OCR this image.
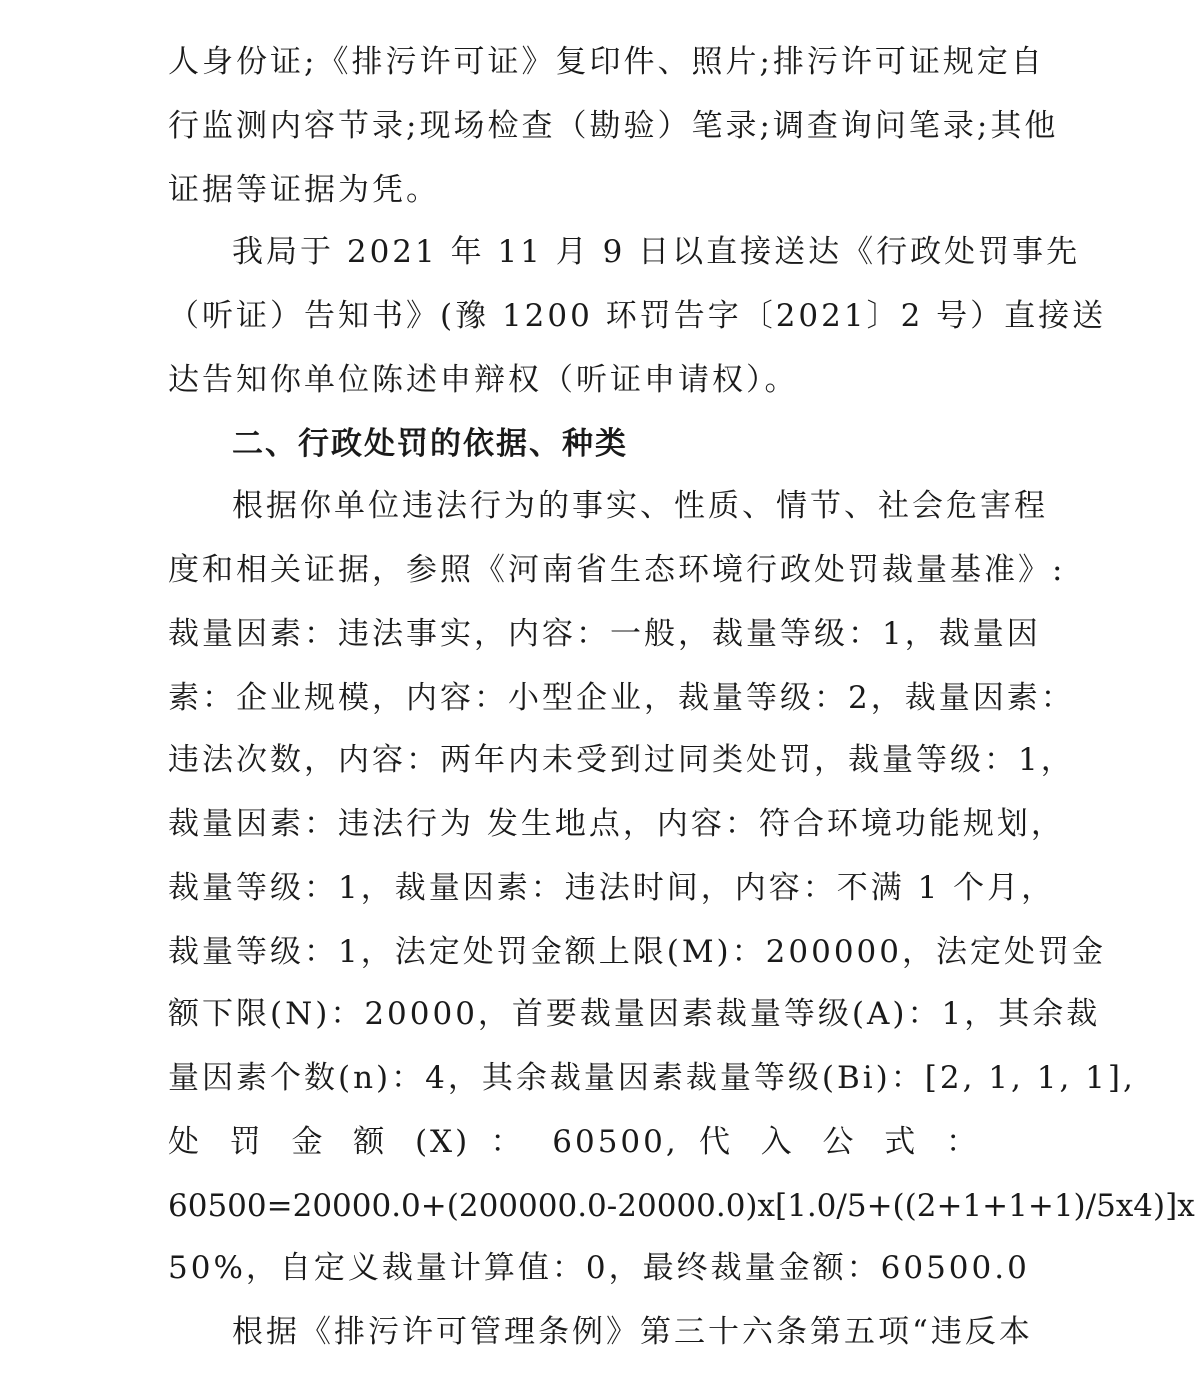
人身份证;《排污许可证》复印件、照片;排污许可证规定自
行监测内容节录;现场检查（勘验）笔录;调查询问笔录;其他
证据等证据为凭。
我局于 2021 年 11 月 9 日以直接送达《行政处罚事先
（听证）告知书》(豫 1200 环罚告字〔2021〕2 号）直接送
达告知你单位陈述申辩权（听证申请权）。
二、行政处罚的依据、种类
根据你单位违法行为的事实、性质、情节、社会危害程
度和相关证据，参照《河南省生态环境行政处罚裁量基准》:
裁量因素：违法事实，内容：一般，裁量等级：1，裁量因
素：企业规模，内容：小型企业，裁量等级：2，裁量因素：
违法次数，内容：两年内未受到过同类处罚，裁量等级：1，
裁量因素：违法行为 发生地点，内容：符合环境功能规划，
裁量等级：1，裁量因素：违法时间，内容：不满 1 个月，
裁量等级：1，法定处罚金额上限(M)：200000，法定处罚金
额下限(N)：20000，首要裁量因素裁量等级(A)：1，其余裁
量因素个数(n)：4，其余裁量因素裁量等级(Bi)：[2, 1, 1, 1],
处 罚 金 额 (X) ： 60500, 代 入 公 式 ：
60500=20000.0+(200000.0-20000.0)x[1.0/5+((2+1+1+1)/5x4)]x
50%，自定义裁量计算值：0，最终裁量金额：60500.0
根据《排污许可管理条例》第三十六条第五项“违反本
